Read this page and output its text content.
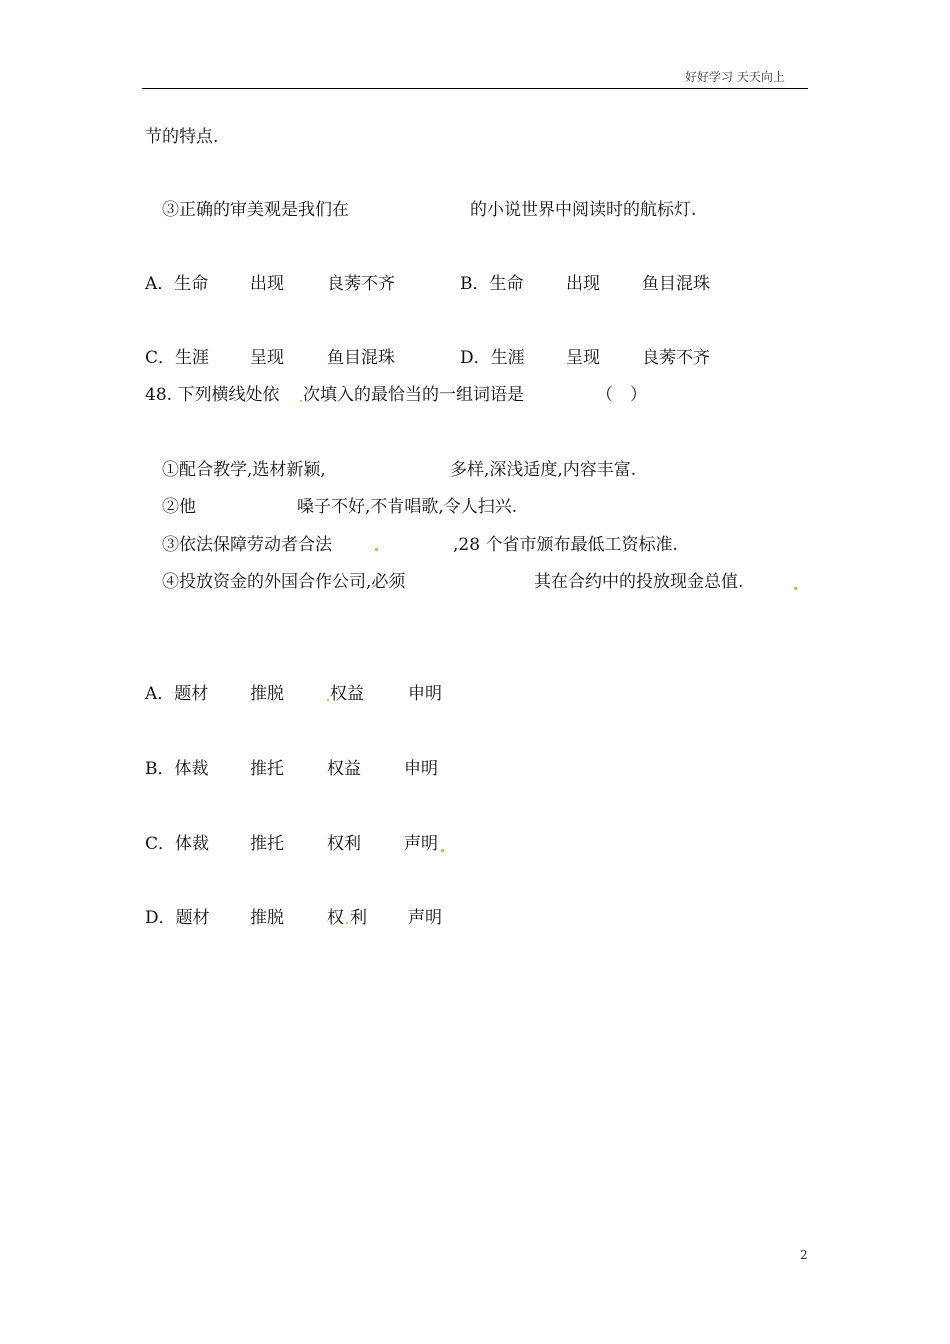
好好学习 天天向上
节的特点.
③正确的审美观是我们在	的小说世界中阅读时的航标灯.
A．生命 出现	良莠不齐	B．生命	出现 鱼目混珠
C．生涯 呈现	鱼目混珠	D．生涯 呈现 良莠不齐
48. 下列横线处依 次填入的最恰当的一组词语是	（　）
①配合教学,选材新颖,	多样,深浅适度,内容丰富.
②他	嗓子不好,不肯唱歌,令人扫兴.
③依法保障劳动者合法	,28 个省市颁布最低工资标准.
④投放资金的外国合作公司,必须	其在合约中的投放现金总值.
A．题材 推脱	权益	申明
B．体裁 推托	权益	申明
C．体裁 推托	权利	声明
D．题材 推脱	权 利 声明
2
